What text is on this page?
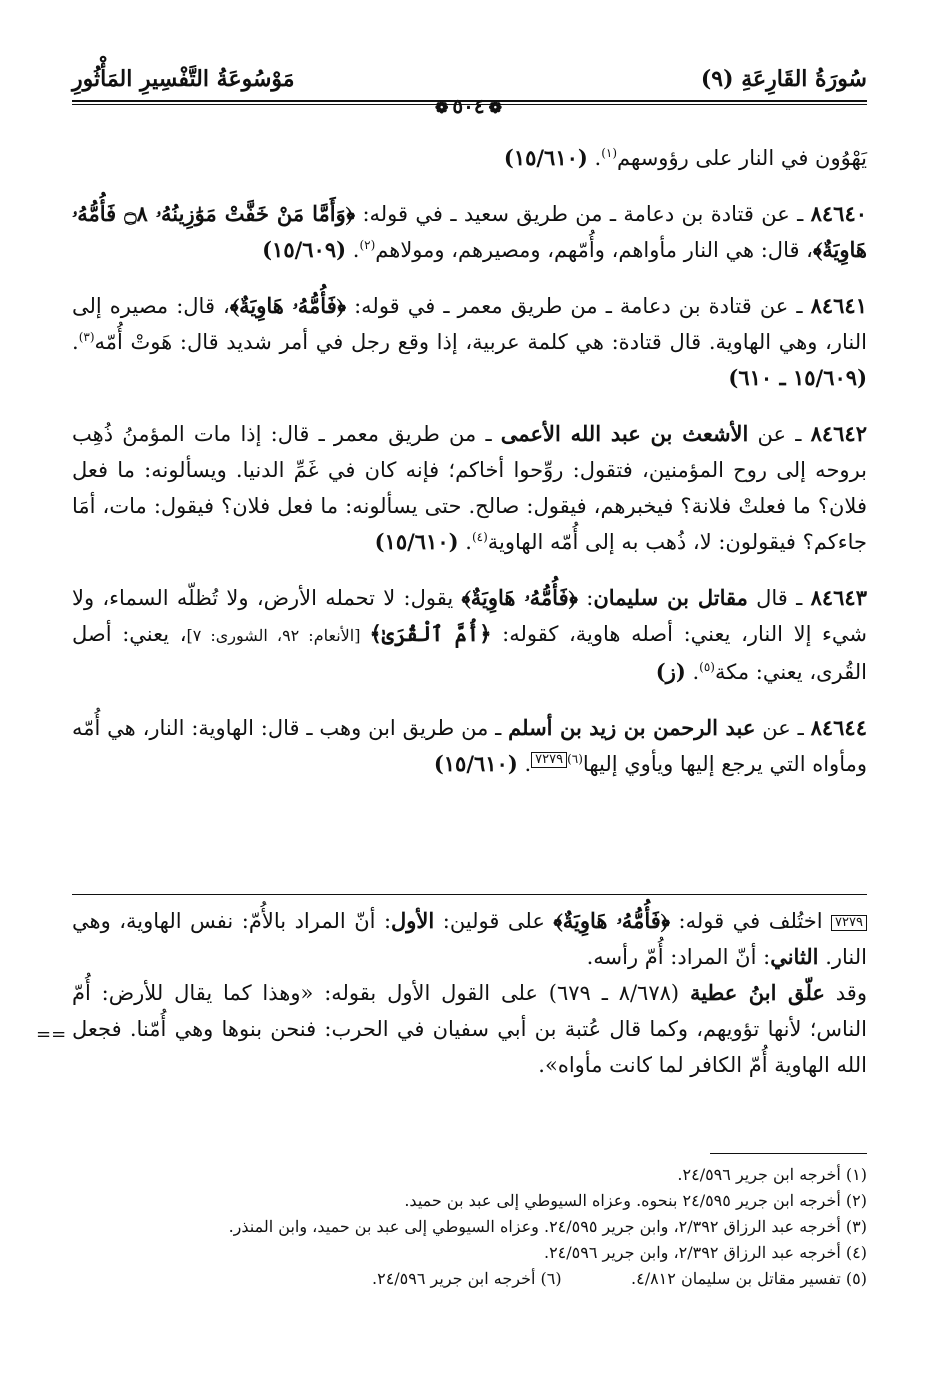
سُورَةُ القَارِعَةِ (٩)
مَوْسُوعَةُ التَّفْسِيرِ المَأْثُورِ
❁٥٠٤❁

يَهْوُون في النار على رؤوسهم$^{(١)}$. (١٥/٦١٠)

٨٤٦٤٠ ـ عن قتادة بن دعامة ـ من طريق سعيد ـ في قوله: ﴿وَأَمَّا مَنْ خَفَّتْ مَوَٰزِينُهُۥ ۝٨ فَأُمُّهُۥ هَاوِيَةٌ﴾، قال: هي النار مأواهم، وأُمّهم، ومصيرهم، ومولاهم$^{(٢)}$. (١٥/٦٠٩)

٨٤٦٤١ ـ عن قتادة بن دعامة ـ من طريق معمر ـ في قوله: ﴿فَأُمُّهُۥ هَاوِيَةٌ﴾، قال: مصيره إلى النار، وهي الهاوية. قال قتادة: هي كلمة عربية، إذا وقع رجل في أمر شديد قال: هَوتْ أُمّه$^{(٣)}$. (١٥/٦٠٩ ـ ٦١٠)

٨٤٦٤٢ ـ عن الأشعث بن عبد الله الأعمى ـ من طريق معمر ـ قال: إذا مات المؤمنُ ذُهِب بروحه إلى روح المؤمنين، فتقول: روِّحوا أخاكم؛ فإنه كان في غَمِّ الدنيا. ويسألونه: ما فعل فلان؟ ما فعلتْ فلانة؟ فيخبرهم، فيقول: صالح. حتى يسألونه: ما فعل فلان؟ فيقول: مات، أمَا جاءكم؟ فيقولون: لا، ذُهب به إلى أُمّه الهاوية$^{(٤)}$. (١٥/٦١٠)

٨٤٦٤٣ ـ قال مقاتل بن سليمان: ﴿فَأُمُّهُۥ هَاوِيَةٌ﴾ يقول: لا تحمله الأرض، ولا تُظلّه السماء، ولا شيء إلا النار، يعني: أصله هاوية، كقوله: ﴿أُمَّ ٱلْقُرَىٰ﴾ [الأنعام: ٩٢، الشورى: ٧]، يعني: أصل القُرى، يعني: مكة$^{(٥)}$. (ز)

٨٤٦٤٤ ـ عن عبد الرحمن بن زيد بن أسلم ـ من طريق ابن وهب ـ قال: الهاوية: النار، هي أُمّه ومأواه التي يرجع إليها ويأوي إليها$^{(٦)}$٧٢٧٩. (١٥/٦١٠)

٧٢٧٩ اختُلف في قوله: ﴿فَأُمُّهُۥ هَاوِيَةٌ﴾ على قولين: الأول: أنّ المراد بالأُمّ: نفس الهاوية، وهي النار. الثاني: أنّ المراد: أُمّ رأسه.

وقد علّق ابنُ عطية (٨/٦٧٨ ـ ٦٧٩) على القول الأول بقوله: «وهذا كما يقال للأرض: أُمّ الناس؛ لأنها تؤويهم، وكما قال عُتبة بن أبي سفيان في الحرب: فنحن بنوها وهي أُمّنا. فجعل الله الهاوية أُمّ الكافر لما كانت مأواه».

==

(١) أخرجه ابن جرير ٢٤/٥٩٦.

(٢) أخرجه ابن جرير ٢٤/٥٩٥ بنحوه. وعزاه السيوطي إلى عبد بن حميد.

(٣) أخرجه عبد الرزاق ٢/٣٩٢، وابن جرير ٢٤/٥٩٥. وعزاه السيوطي إلى عبد بن حميد، وابن المنذر.

(٤) أخرجه عبد الرزاق ٢/٣٩٢، وابن جرير ٢٤/٥٩٦.

(٥) تفسير مقاتل بن سليمان ٤/٨١٢.
(٦) أخرجه ابن جرير ٢٤/٥٩٦.
